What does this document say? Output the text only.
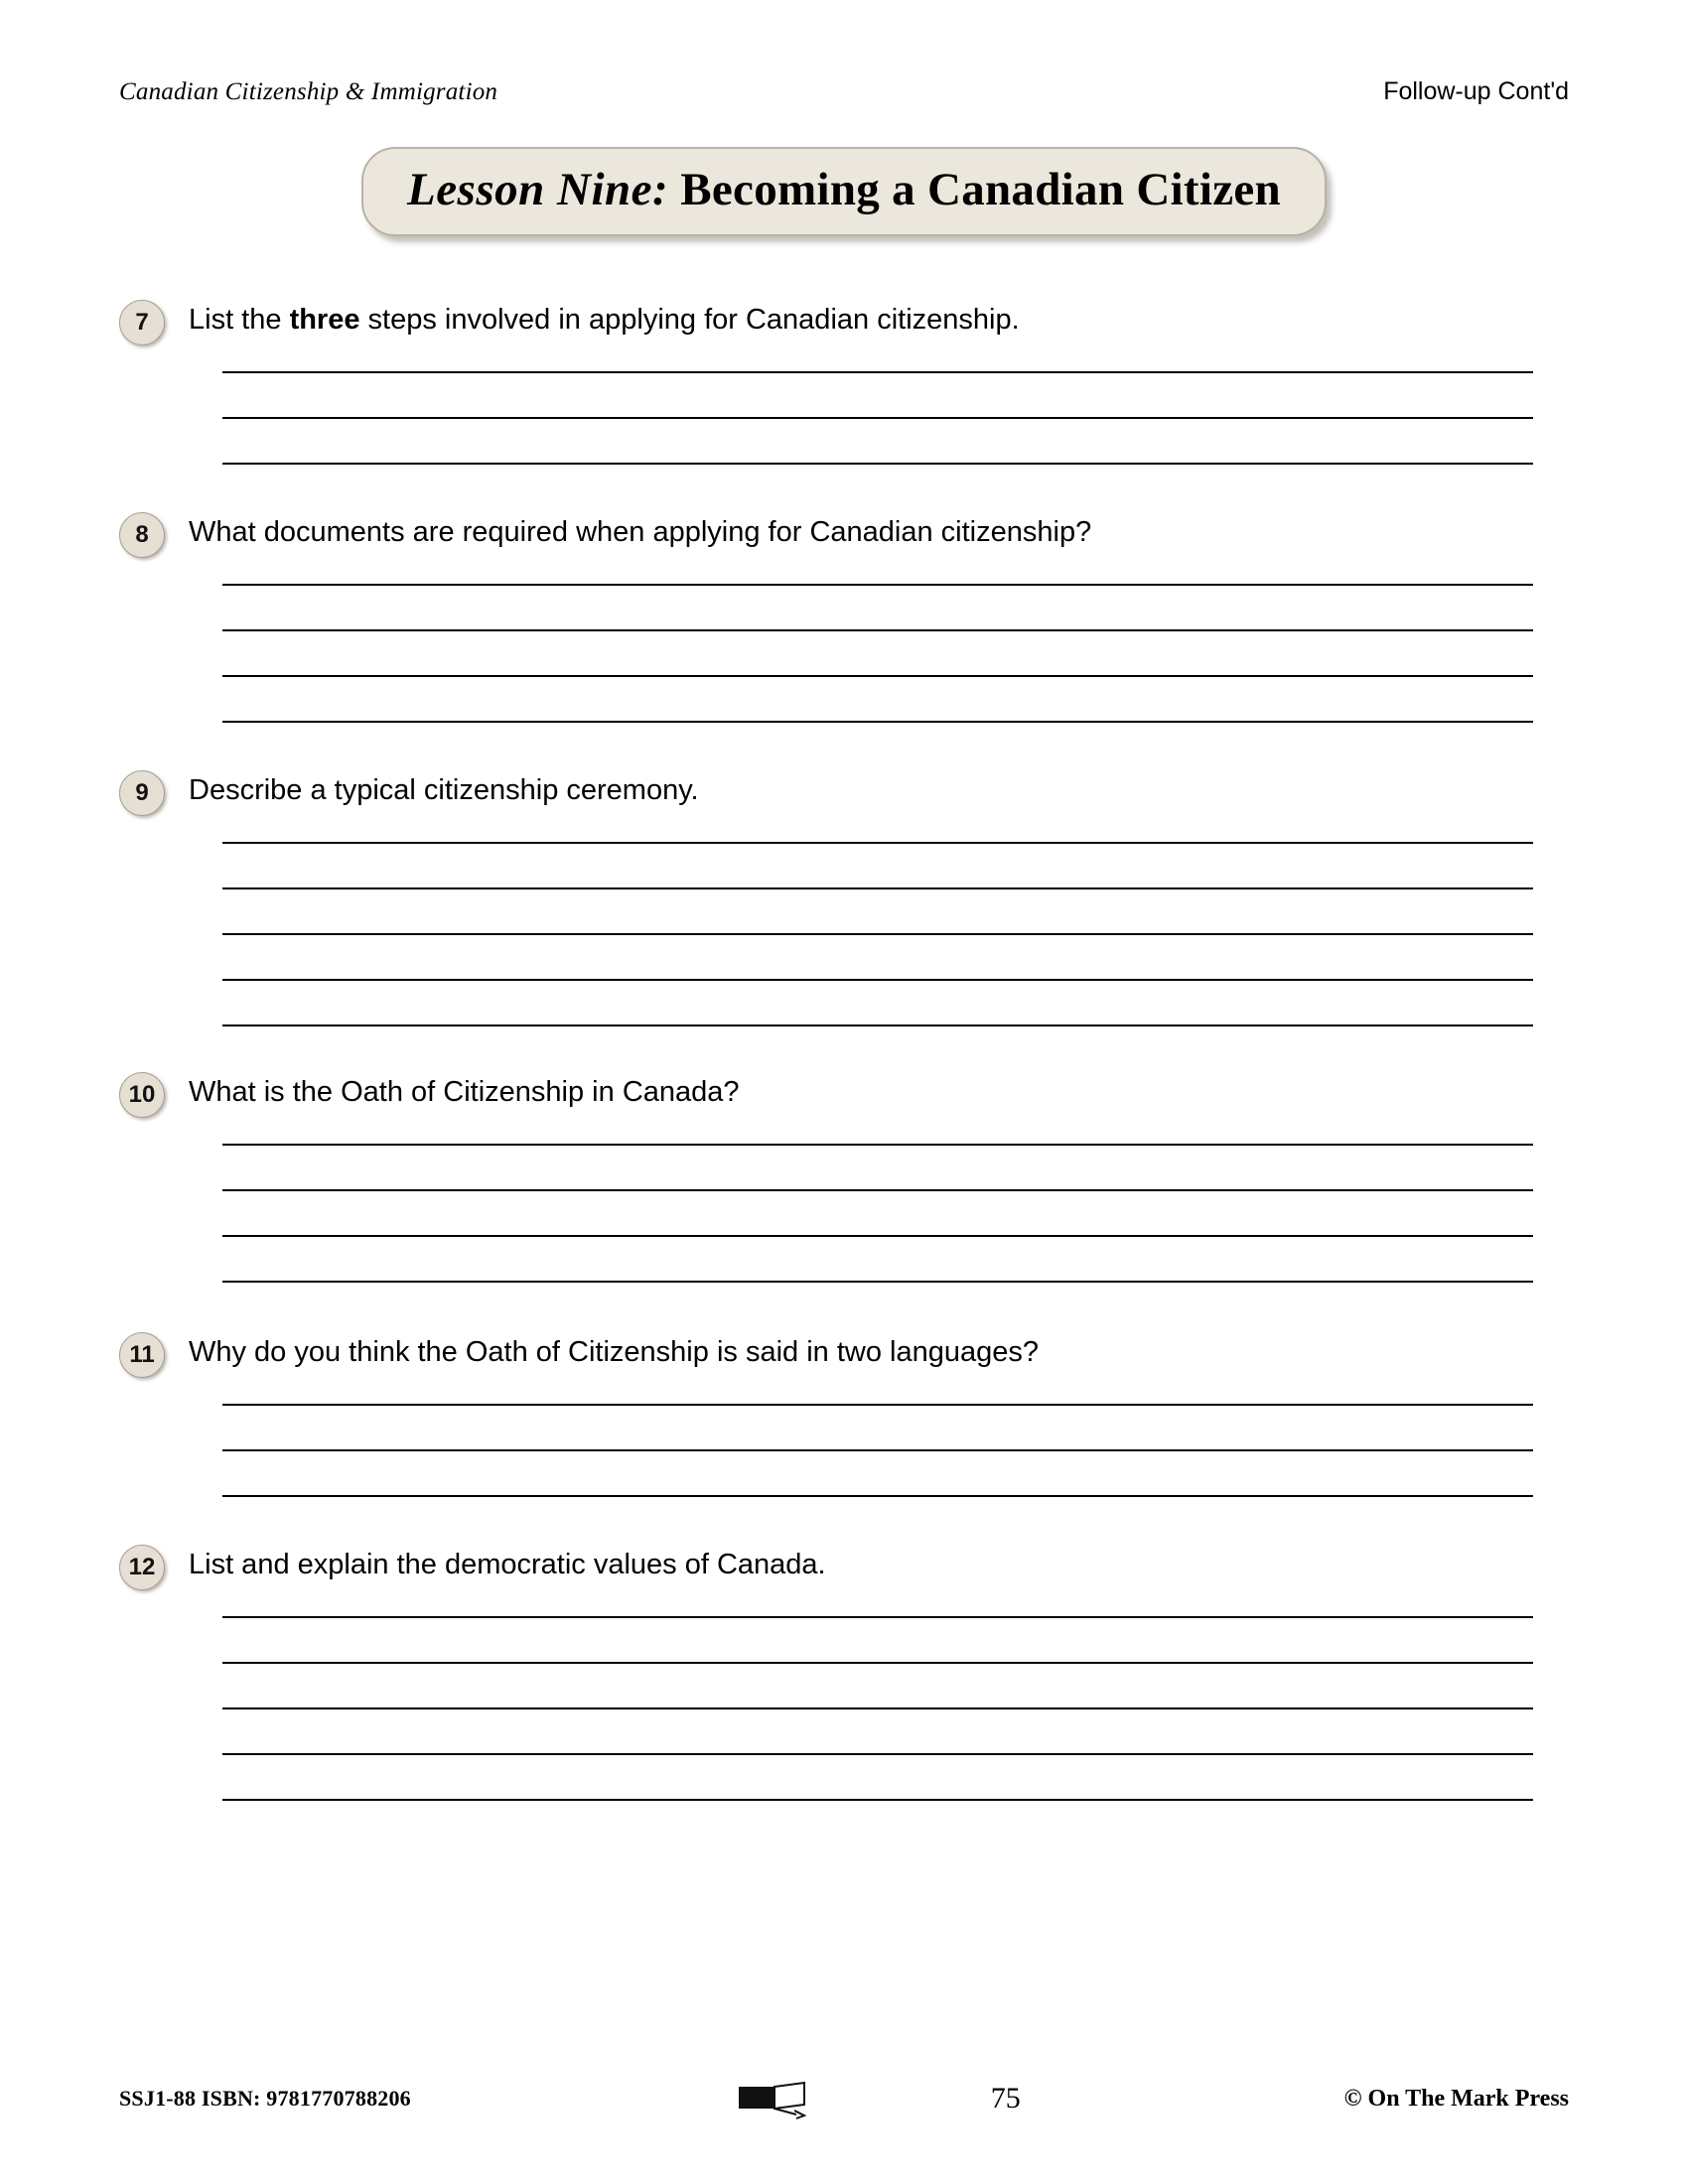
Canadian Citizenship & Immigration	Follow-up Cont'd
Lesson Nine: Becoming a Canadian Citizen
7	List the three steps involved in applying for Canadian citizenship.
8	What documents are required when applying for Canadian citizenship?
9	Describe a typical citizenship ceremony.
10	What is the Oath of Citizenship in Canada?
11	Why do you think the Oath of Citizenship is said in two languages?
12	List and explain the democratic values of Canada.
SSJ1-88 ISBN: 9781770788206	75	© On The Mark Press
